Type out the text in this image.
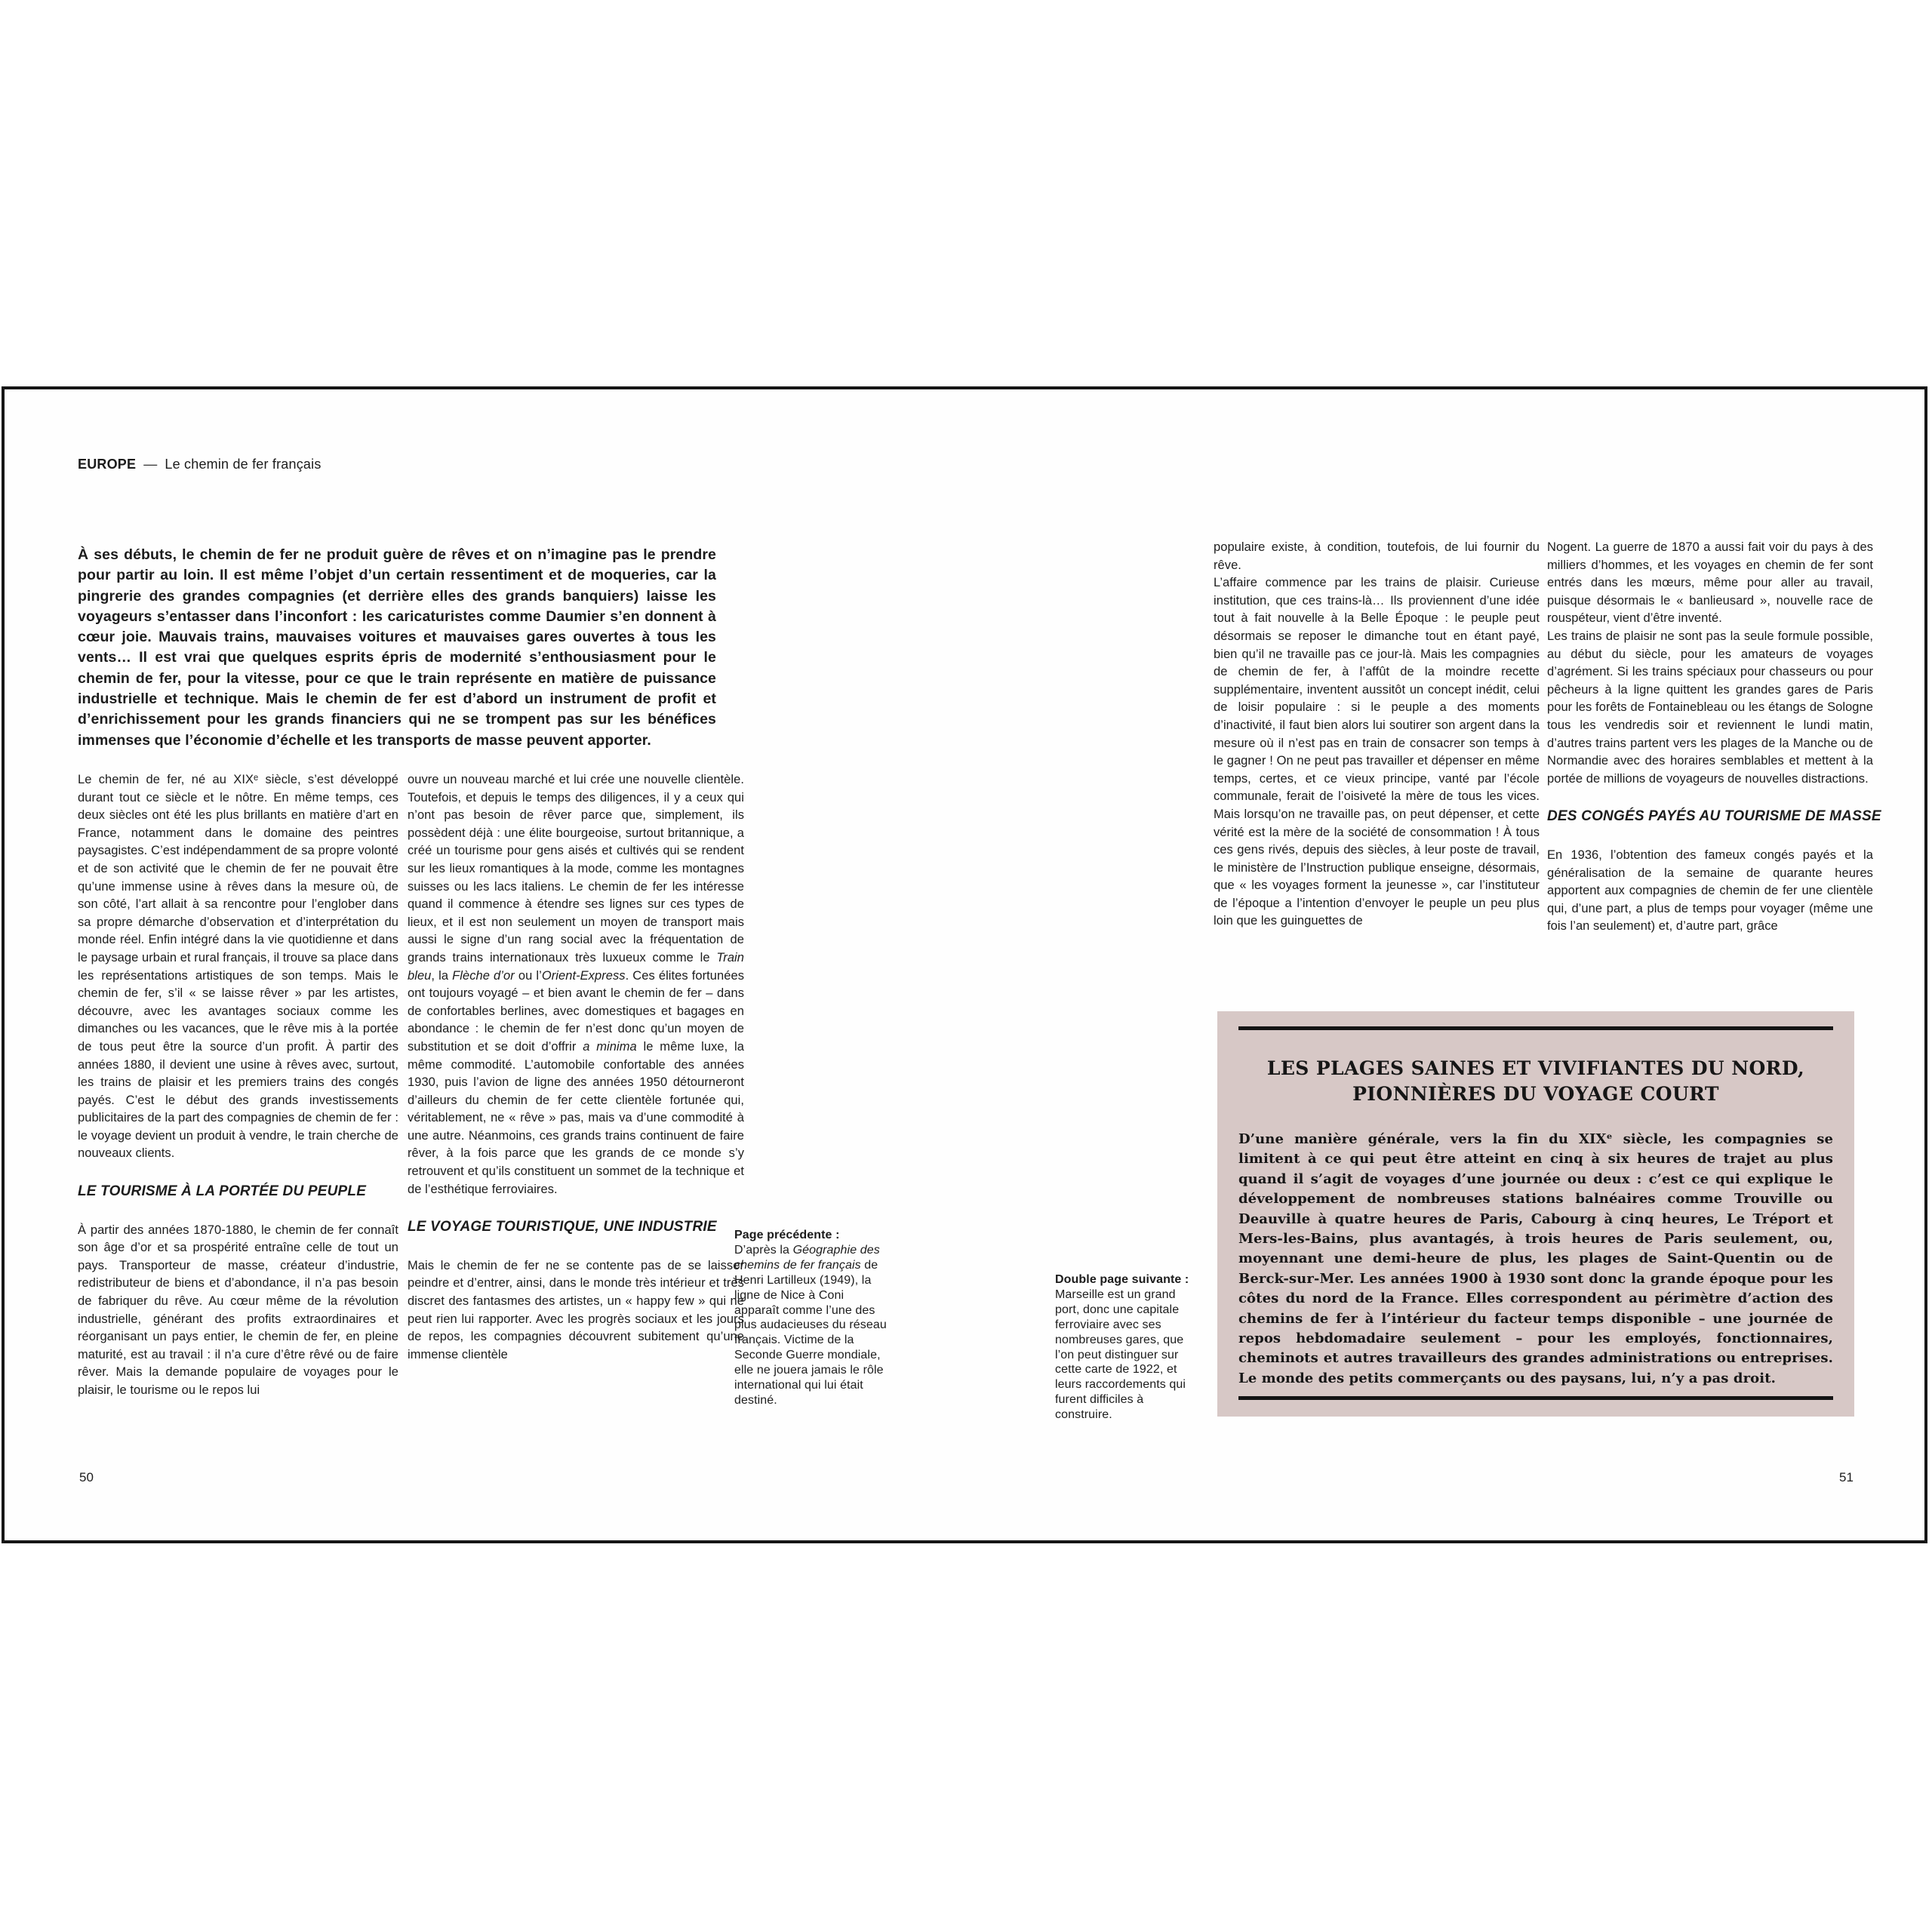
EUROPE — Le chemin de fer français
À ses débuts, le chemin de fer ne produit guère de rêves et on n’imagine pas le prendre pour partir au loin. Il est même l’objet d’un certain ressentiment et de moqueries, car la pingrerie des grandes compagnies (et derrière elles des grands banquiers) laisse les voyageurs s’entasser dans l’inconfort : les caricaturistes comme Daumier s’en donnent à cœur joie. Mauvais trains, mauvaises voitures et mauvaises gares ouvertes à tous les vents… Il est vrai que quelques esprits épris de modernité s’enthousiasment pour le chemin de fer, pour la vitesse, pour ce que le train représente en matière de puissance industrielle et technique. Mais le chemin de fer est d’abord un instrument de profit et d’enrichissement pour les grands financiers qui ne se trompent pas sur les bénéfices immenses que l’économie d’échelle et les transports de masse peuvent apporter.

Le chemin de fer, né au XIXᵉ siècle, s’est développé durant tout ce siècle et le nôtre. En même temps, ces deux siècles ont été les plus brillants en matière d’art en France, notamment dans le domaine des peintres paysagistes. C’est indépendamment de sa propre volonté et de son activité que le chemin de fer ne pouvait être qu’une immense usine à rêves dans la mesure où, de son côté, l’art allait à sa rencontre pour l’englober dans sa propre démarche d’observation et d’interprétation du monde réel. Enfin intégré dans la vie quotidienne et dans le paysage urbain et rural français, il trouve sa place dans les représentations artistiques de son temps. Mais le chemin de fer, s’il « se laisse rêver » par les artistes, découvre, avec les avantages sociaux comme les dimanches ou les vacances, que le rêve mis à la portée de tous peut être la source d’un profit. À partir des années 1880, il devient une usine à rêves avec, surtout, les trains de plaisir et les premiers trains des congés payés. C’est le début des grands investissements publicitaires de la part des compagnies de chemin de fer : le voyage devient un produit à vendre, le train cherche de nouveaux clients.

LE TOURISME À LA PORTÉE DU PEUPLE

À partir des années 1870-1880, le chemin de fer connaît son âge d’or et sa prospérité entraîne celle de tout un pays. Transporteur de masse, créateur d’industrie, redistributeur de biens et d’abondance, il n’a pas besoin de fabriquer du rêve. Au cœur même de la révolution industrielle, générant des profits extraordinaires et réorganisant un pays entier, le chemin de fer, en pleine maturité, est au travail : il n’a cure d’être rêvé ou de faire rêver. Mais la demande populaire de voyages pour le plaisir, le tourisme ou le repos lui

ouvre un nouveau marché et lui crée une nouvelle clientèle. Toutefois, et depuis le temps des diligences, il y a ceux qui n’ont pas besoin de rêver parce que, simplement, ils possèdent déjà : une élite bourgeoise, surtout britannique, a créé un tourisme pour gens aisés et cultivés qui se rendent sur les lieux romantiques à la mode, comme les montagnes suisses ou les lacs italiens. Le chemin de fer les intéresse quand il commence à étendre ses lignes sur ces types de lieux, et il est non seulement un moyen de transport mais aussi le signe d’un rang social avec la fréquentation de grands trains internationaux très luxueux comme le Train bleu, la Flèche d’or ou l’Orient-Express. Ces élites fortunées ont toujours voyagé – et bien avant le chemin de fer – dans de confortables berlines, avec domestiques et bagages en abondance : le chemin de fer n’est donc qu’un moyen de substitution et se doit d’offrir a minima le même luxe, la même commodité. L’automobile confortable des années 1930, puis l’avion de ligne des années 1950 détourneront d’ailleurs du chemin de fer cette clientèle fortunée qui, véritablement, ne « rêve » pas, mais va d’une commodité à une autre. Néanmoins, ces grands trains continuent de faire rêver, à la fois parce que les grands de ce monde s’y retrouvent et qu’ils constituent un sommet de la technique et de l’esthétique ferroviaires.

LE VOYAGE TOURISTIQUE, UNE INDUSTRIE

Mais le chemin de fer ne se contente pas de se laisser peindre et d’entrer, ainsi, dans le monde très intérieur et très discret des fantasmes des artistes, un « happy few » qui ne peut rien lui rapporter. Avec les progrès sociaux et les jours de repos, les compagnies découvrent subitement qu’une immense clientèle

Page précédente :
D’après la Géographie des chemins de fer français de Henri Lartilleux (1949), la ligne de Nice à Coni apparaît comme l’une des plus audacieuses du réseau français. Victime de la Seconde Guerre mondiale, elle ne jouera jamais le rôle international qui lui était destiné.
Double page suivante :
Marseille est un grand port, donc une capitale ferroviaire avec ses nombreuses gares, que l’on peut distinguer sur cette carte de 1922, et leurs raccordements qui furent difficiles à construire.

populaire existe, à condition, toutefois, de lui fournir du rêve.

L’affaire commence par les trains de plaisir. Curieuse institution, que ces trains-là… Ils proviennent d’une idée tout à fait nouvelle à la Belle Époque : le peuple peut désormais se reposer le dimanche tout en étant payé, bien qu’il ne travaille pas ce jour-là. Mais les compagnies de chemin de fer, à l’affût de la moindre recette supplémentaire, inventent aussitôt un concept inédit, celui de loisir populaire : si le peuple a des moments d’inactivité, il faut bien alors lui soutirer son argent dans la mesure où il n’est pas en train de consacrer son temps à le gagner ! On ne peut pas travailler et dépenser en même temps, certes, et ce vieux principe, vanté par l’école communale, ferait de l’oisiveté la mère de tous les vices. Mais lorsqu’on ne travaille pas, on peut dépenser, et cette vérité est la mère de la société de consommation ! À tous ces gens rivés, depuis des siècles, à leur poste de travail, le ministère de l’Instruction publique enseigne, désormais, que « les voyages forment la jeunesse », car l’instituteur de l’époque a l’intention d’envoyer le peuple un peu plus loin que les guinguettes de

Nogent. La guerre de 1870 a aussi fait voir du pays à des milliers d’hommes, et les voyages en chemin de fer sont entrés dans les mœurs, même pour aller au travail, puisque désormais le « banlieusard », nouvelle race de rouspéteur, vient d’être inventé.

Les trains de plaisir ne sont pas la seule formule possible, au début du siècle, pour les amateurs de voyages d’agrément. Si les trains spéciaux pour chasseurs ou pour pêcheurs à la ligne quittent les grandes gares de Paris pour les forêts de Fontainebleau ou les étangs de Sologne tous les vendredis soir et reviennent le lundi matin, d’autres trains partent vers les plages de la Manche ou de Normandie avec des horaires semblables et mettent à la portée de millions de voyageurs de nouvelles distractions.

DES CONGÉS PAYÉS AU TOURISME DE MASSE

En 1936, l’obtention des fameux congés payés et la généralisation de la semaine de quarante heures apportent aux compagnies de chemin de fer une clientèle qui, d’une part, a plus de temps pour voyager (même une fois l’an seulement) et, d’autre part, grâce

LES PLAGES SAINES ET VIVIFIANTES DU NORD,
PIONNIÈRES DU VOYAGE COURT
D’une manière générale, vers la fin du XIXᵉ siècle, les compagnies se limitent à ce qui peut être atteint en cinq à six heures de trajet au plus quand il s’agit de voyages d’une journée ou deux : c’est ce qui explique le développement de nombreuses stations balnéaires comme Trouville ou Deauville à quatre heures de Paris, Cabourg à cinq heures, Le Tréport et Mers-les-Bains, plus avantagés, à trois heures de Paris seulement, ou, moyennant une demi-heure de plus, les plages de Saint-Quentin ou de Berck-sur-Mer. Les années 1900 à 1930 sont donc la grande époque pour les côtes du nord de la France. Elles correspondent au périmètre d’action des chemins de fer à l’intérieur du facteur temps disponible – une journée de repos hebdomadaire seulement – pour les employés, fonctionnaires, cheminots et autres travailleurs des grandes administrations ou entreprises. Le monde des petits commerçants ou des paysans, lui, n’y a pas droit.
50	51
